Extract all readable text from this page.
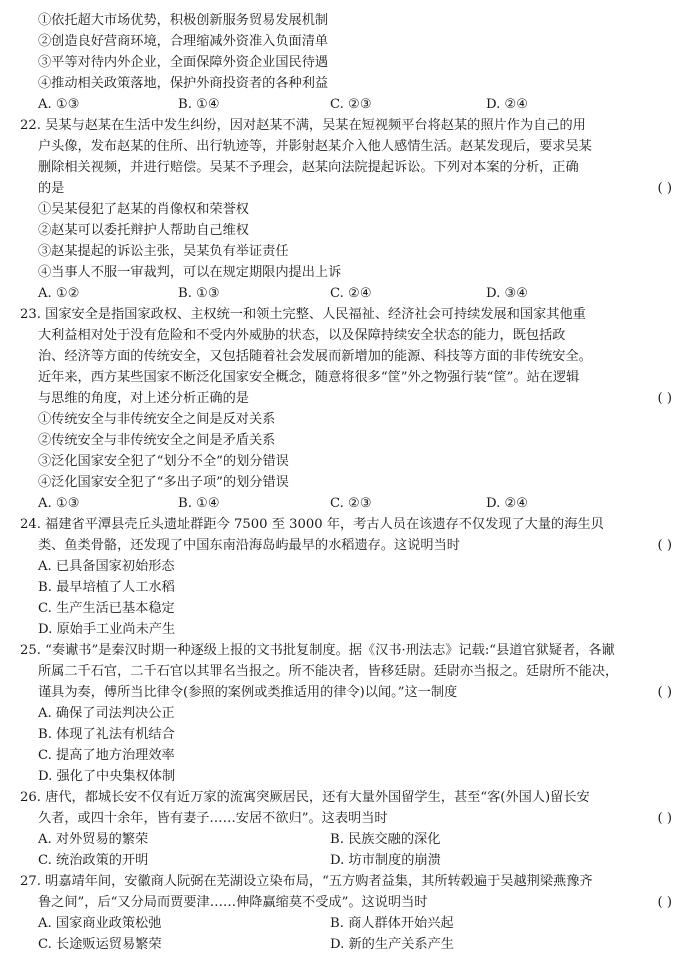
①依托超大市场优势，积极创新服务贸易发展机制
②创造良好营商环境，合理缩减外资准入负面清单
③平等对待内外企业，全面保障外资企业国民待遇
④推动相关政策落地，保护外商投资者的各种利益
A. ①③	B. ①④	C. ②③	D. ②④
22. 吴某与赵某在生活中发生纠纷，因对赵某不满，吴某在短视频平台将赵某的照片作为自己的用
户头像，发布赵某的住所、出行轨迹等，并影射赵某介入他人感情生活。赵某发现后，要求吴某
删除相关视频，并进行赔偿。吴某不予理会，赵某向法院提起诉讼。下列对本案的分析，正确
的是	( )
①吴某侵犯了赵某的肖像权和荣誉权
②赵某可以委托辩护人帮助自己维权
③赵某提起的诉讼主张，吴某负有举证责任
④当事人不服一审裁判，可以在规定期限内提出上诉
A. ①②	B. ①③	C. ②④	D. ③④
23. 国家安全是指国家政权、主权统一和领土完整、人民福祉、经济社会可持续发展和国家其他重
大利益相对处于没有危险和不受内外威胁的状态，以及保障持续安全状态的能力，既包括政
治、经济等方面的传统安全，又包括随着社会发展而新增加的能源、科技等方面的非传统安全。
近年来，西方某些国家不断泛化国家安全概念，随意将很多“筐”外之物强行装“筐”。站在逻辑
与思维的角度，对上述分析正确的是	( )
①传统安全与非传统安全之间是反对关系
②传统安全与非传统安全之间是矛盾关系
③泛化国家安全犯了“划分不全”的划分错误
④泛化国家安全犯了“多出子项”的划分错误
A. ①③	B. ①④	C. ②③	D. ②④
24. 福建省平潭县壳丘头遗址群距今 7500 至 3000 年，考古人员在该遗存不仅发现了大量的海生贝
类、鱼类骨骼，还发现了中国东南沿海岛屿最早的水稻遗存。这说明当时	( )
A. 已具备国家初始形态
B. 最早培植了人工水稻
C. 生产生活已基本稳定
D. 原始手工业尚未产生
25. “奏谳书”是秦汉时期一种逐级上报的文书批复制度。据《汉书·刑法志》记载:“县道官狱疑者，各谳
所属二千石官，二千石官以其罪名当报之。所不能决者，皆移廷尉。廷尉亦当报之。廷尉所不能决，
谨具为奏，傅所当比律令(参照的案例或类推适用的律令)以闻。”这一制度	( )
A. 确保了司法判决公正
B. 体现了礼法有机结合
C. 提高了地方治理效率
D. 强化了中央集权体制
26. 唐代，都城长安不仅有近万家的流寓突厥居民，还有大量外国留学生，甚至“客(外国人)留长安
久者，或四十余年，皆有妻子……安居不欲归”。这表明当时	( )
A. 对外贸易的繁荣	B. 民族交融的深化
C. 统治政策的开明	D. 坊市制度的崩溃
27. 明嘉靖年间，安徽商人阮弼在芜湖设立染布局，“五方购者益集，其所转毂遍于吴越荆梁燕豫齐
鲁之间”，后“又分局而贾要津……伸降赢缩莫不受成”。这说明当时	( )
A. 国家商业政策松弛	B. 商人群体开始兴起
C. 长途贩运贸易繁荣	D. 新的生产关系产生
